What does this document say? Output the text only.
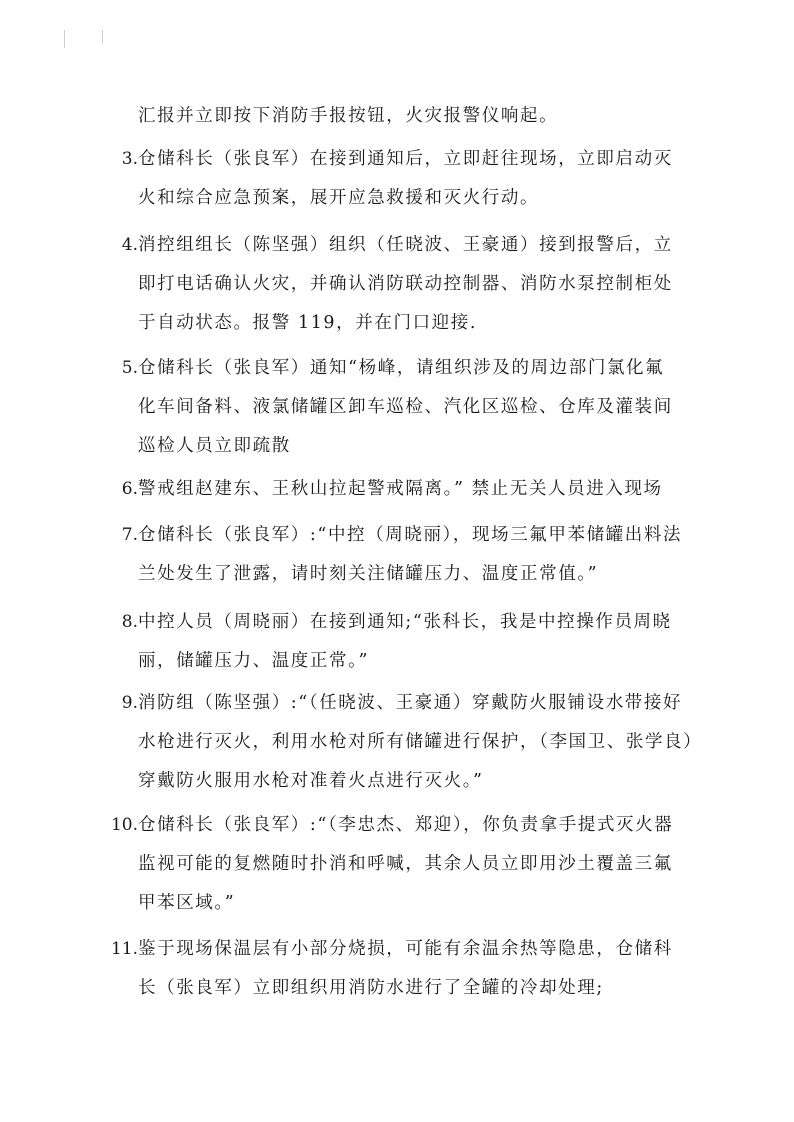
汇报并立即按下消防手报按钮，火灾报警仪响起。
3. 仓储科长（张良军）在接到通知后，立即赶往现场，立即启动灭
火和综合应急预案，展开应急救援和灭火行动。
4. 消控组组长（陈坚强）组织（任晓波、王豪通）接到报警后，立
即打电话确认火灾，并确认消防联动控制器、消防水泵控制柜处
于自动状态。报警 119，并在门口迎接.
5. 仓储科长（张良军）通知“杨峰，请组织涉及的周边部门氯化氟
化车间备料、液氯储罐区卸车巡检、汽化区巡检、仓库及灌装间
巡检人员立即疏散
6. 警戒组赵建东、王秋山拉起警戒隔离。” 禁止无关人员进入现场
7. 仓储科长（张良军）:“中控（周晓丽），现场三氟甲苯储罐出料法
兰处发生了泄露，请时刻关注储罐压力、温度正常值。”
8. 中控人员（周晓丽）在接到通知;“张科长，我是中控操作员周晓
丽，储罐压力、温度正常。”
9. 消防组（陈坚强）:“（任晓波、王豪通）穿戴防火服铺设水带接好
水枪进行灭火，利用水枪对所有储罐进行保护，（李国卫、张学良）
穿戴防火服用水枪对准着火点进行灭火。”
10. 仓储科长（张良军）:“（李忠杰、郑迎），你负责拿手提式灭火器
监视可能的复燃随时扑消和呼喊，其余人员立即用沙土覆盖三氟
甲苯区域。”
11. 鉴于现场保温层有小部分烧损，可能有余温余热等隐患，仓储科
长（张良军）立即组织用消防水进行了全罐的冷却处理;
